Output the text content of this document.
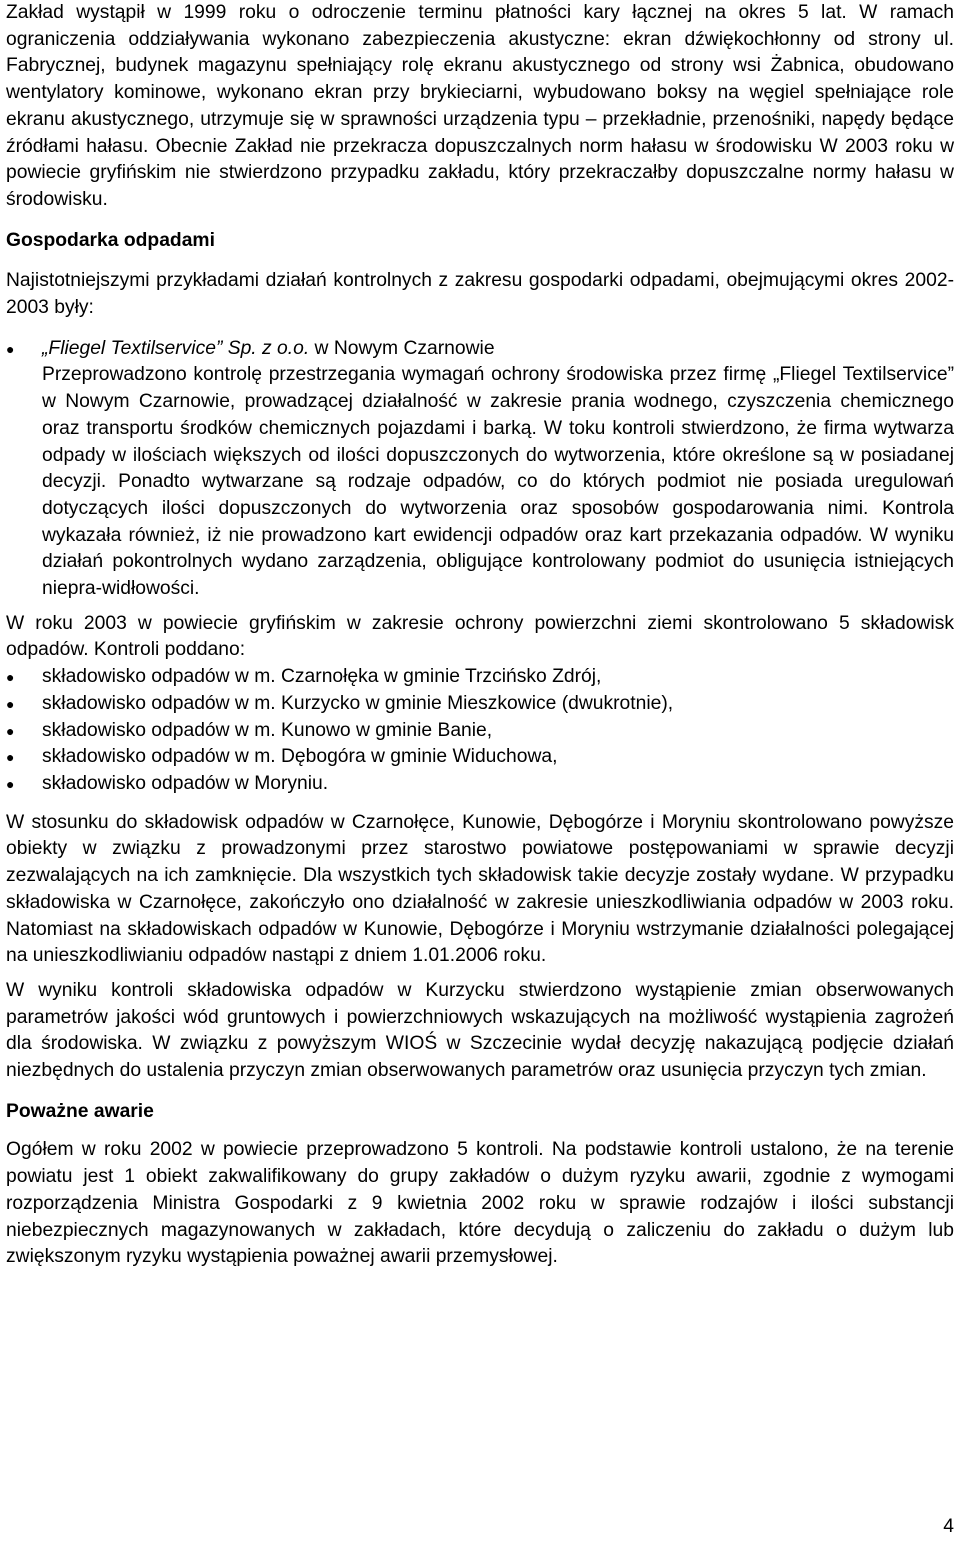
Zakład wystąpił w 1999 roku o odroczenie terminu płatności kary łącznej na okres 5 lat. W ramach ograniczenia oddziaływania wykonano zabezpieczenia akustyczne: ekran dźwiękochłonny od strony ul. Fabrycznej, budynek magazynu spełniający rolę ekranu akustycznego od strony wsi Żabnica, obudowano wentylatory kominowe, wykonano ekran przy brykieciarni, wybudowano boksy na węgiel spełniające role ekranu akustycznego, utrzymuje się w sprawności urządzenia typu – przekładnie, przenośniki, napędy będące źródłami hałasu. Obecnie Zakład nie przekracza dopuszczalnych norm hałasu w środowisku W 2003 roku w powiecie gryfińskim nie stwierdzono przypadku zakładu, który przekraczałby dopuszczalne normy hałasu w środowisku.

Gospodarka odpadami

Najistotniejszymi przykładami działań kontrolnych z zakresu gospodarki odpadami, obejmującymi okres 2002-2003 były:

●	„Fliegel Textilservice” Sp. z o.o. w Nowym Czarnowie
Przeprowadzono kontrolę przestrzegania wymagań ochrony środowiska przez firmę „Fliegel Textilservice” w Nowym Czarnowie, prowadzącej działalność w zakresie prania wodnego, czyszczenia chemicznego oraz transportu środków chemicznych pojazdami i barką. W toku kontroli stwierdzono, że firma wytwarza odpady w ilościach większych od ilości dopuszczonych do wytworzenia, które określone są w posiadanej decyzji. Ponadto wytwarzane są rodzaje odpadów, co do których podmiot nie posiada uregulowań dotyczących ilości dopuszczonych do wytworzenia oraz sposobów gospodarowania nimi. Kontrola wykazała również, iż nie prowadzono kart ewidencji odpadów oraz kart przekazania odpadów. W wyniku działań pokontrolnych wydano zarządzenia, obligujące kontrolowany podmiot do usunięcia istniejących niepra-widłowości.

W roku 2003 w powiecie gryfińskim w zakresie ochrony powierzchni ziemi skontrolowano 5 składowisk odpadów. Kontroli poddano:

●	składowisko odpadów w m. Czarnołęka w gminie Trzcińsko Zdrój,
●	składowisko odpadów w m. Kurzycko w gminie Mieszkowice (dwukrotnie),
●	składowisko odpadów w m. Kunowo w gminie Banie,
●	składowisko odpadów w m. Dębogóra w gminie Widuchowa,
●	składowisko odpadów w Moryniu.

W stosunku do składowisk odpadów w Czarnołęce, Kunowie, Dębogórze i Moryniu skontrolowano powyższe obiekty w związku z prowadzonymi przez starostwo powiatowe postępowaniami w sprawie decyzji zezwalających na ich zamknięcie. Dla wszystkich tych składowisk takie decyzje zostały wydane. W przypadku składowiska w Czarnołęce, zakończyło ono działalność w zakresie unieszkodliwiania odpadów w 2003 roku. Natomiast na składowiskach odpadów w Kunowie, Dębogórze i Moryniu wstrzymanie działalności polegającej na unieszkodliwianiu odpadów nastąpi z dniem 1.01.2006 roku.

W wyniku kontroli składowiska odpadów w Kurzycku stwierdzono wystąpienie zmian obserwowanych parametrów jakości wód gruntowych i powierzchniowych wskazujących na możliwość wystąpienia zagrożeń dla środowiska. W związku z powyższym WIOŚ w Szczecinie wydał decyzję nakazującą podjęcie działań niezbędnych do ustalenia przyczyn zmian obserwowanych parametrów oraz usunięcia przyczyn tych zmian.

Poważne awarie

Ogółem w roku 2002 w powiecie przeprowadzono 5 kontroli. Na podstawie kontroli ustalono, że na terenie powiatu jest 1 obiekt zakwalifikowany do grupy zakładów o dużym ryzyku awarii, zgodnie z wymogami rozporządzenia Ministra Gospodarki z 9 kwietnia 2002 roku w sprawie rodzajów i ilości substancji niebezpiecznych magazynowanych w zakładach, które decydują o zaliczeniu do zakładu o dużym lub zwiększonym ryzyku wystąpienia poważnej awarii przemysłowej.

4
